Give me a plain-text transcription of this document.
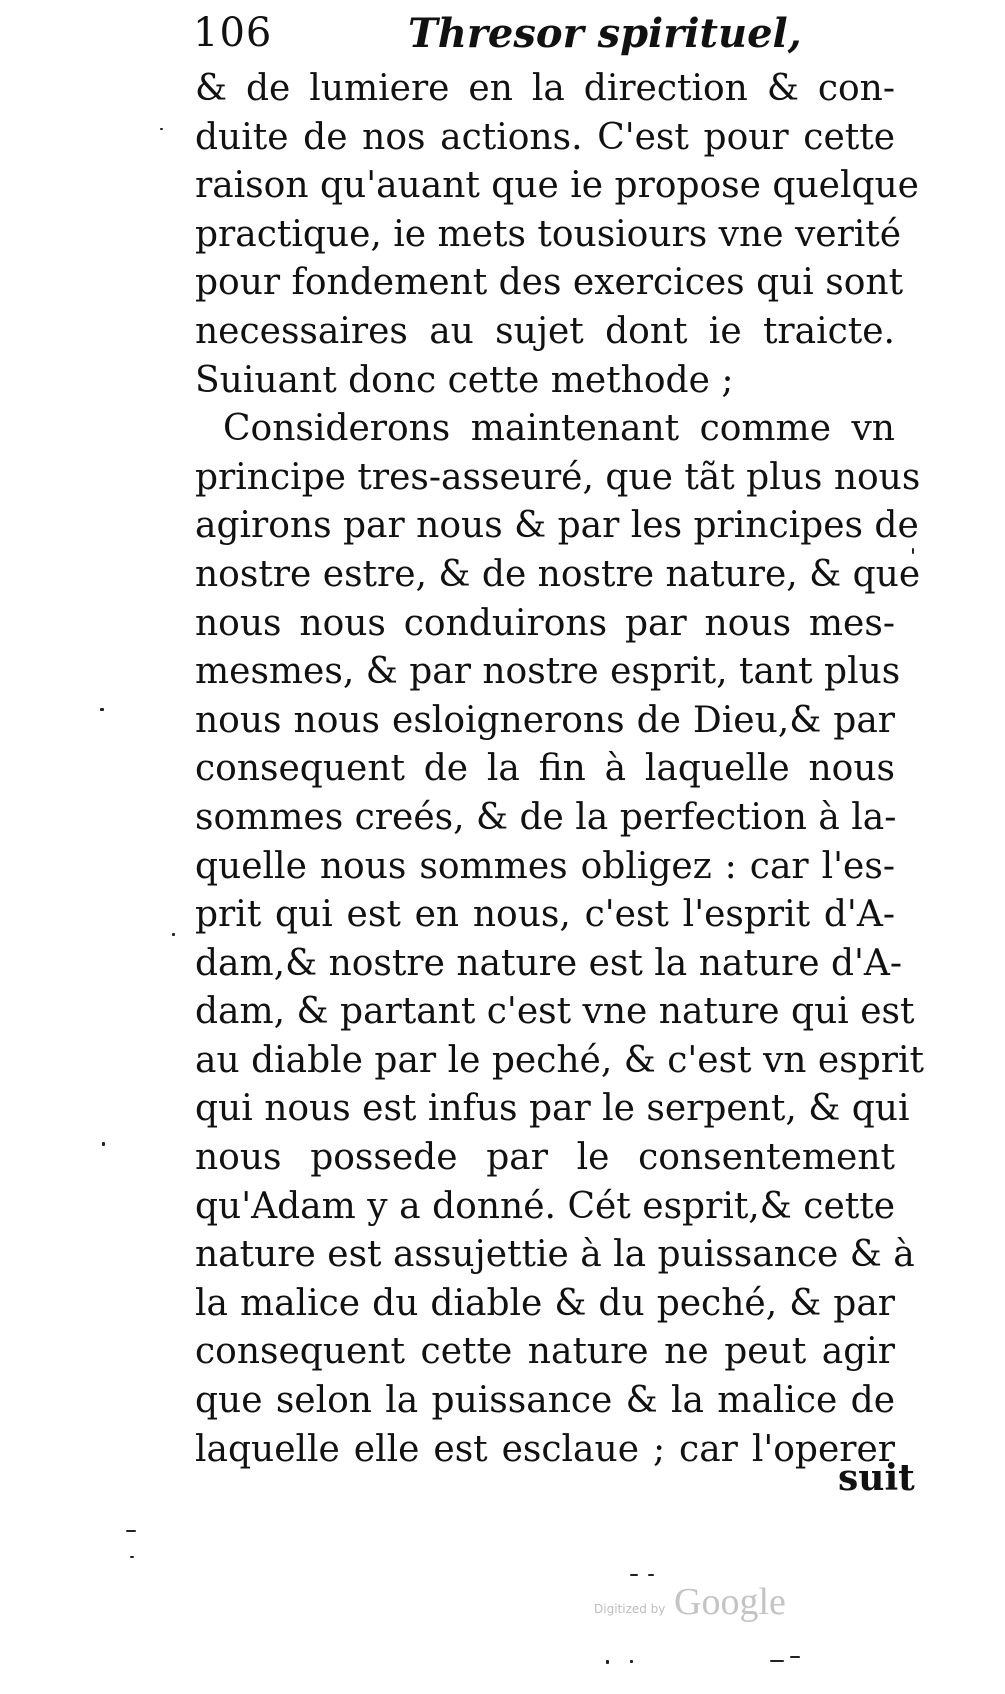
106	Thresor spirituel,
& de lumiere en la direction & con-
duite de nos actions. C'est pour cette
raison qu'auant que ie propose quelque
practique, ie mets tousiours vne verité
pour fondement des exercices qui sont
necessaires au sujet dont ie traicte.
Suiuant donc cette methode ;
Considerons maintenant comme vn
principe tres-asseuré, que tãt plus nous
agirons par nous & par les principes de
nostre estre, & de nostre nature, & que
nous nous conduirons par nous mes-
mesmes, & par nostre esprit, tant plus
nous nous esloignerons de Dieu,& par
consequent de la fin à laquelle nous
sommes creés, & de la perfection à la-
quelle nous sommes obligez : car l'es-
prit qui est en nous, c'est l'esprit d'A-
dam,& nostre nature est la nature d'A-
dam, & partant c'est vne nature qui est
au diable par le peché, & c'est vn esprit
qui nous est infus par le serpent, & qui
nous possede par le consentement
qu'Adam y a donné. Cét esprit,& cette
nature est assujettie à la puissance & à
la malice du diable & du peché, & par
consequent cette nature ne peut agir
que selon la puissance & la malice de
laquelle elle est esclaue ; car l'operer
suit
Digitized by Google
